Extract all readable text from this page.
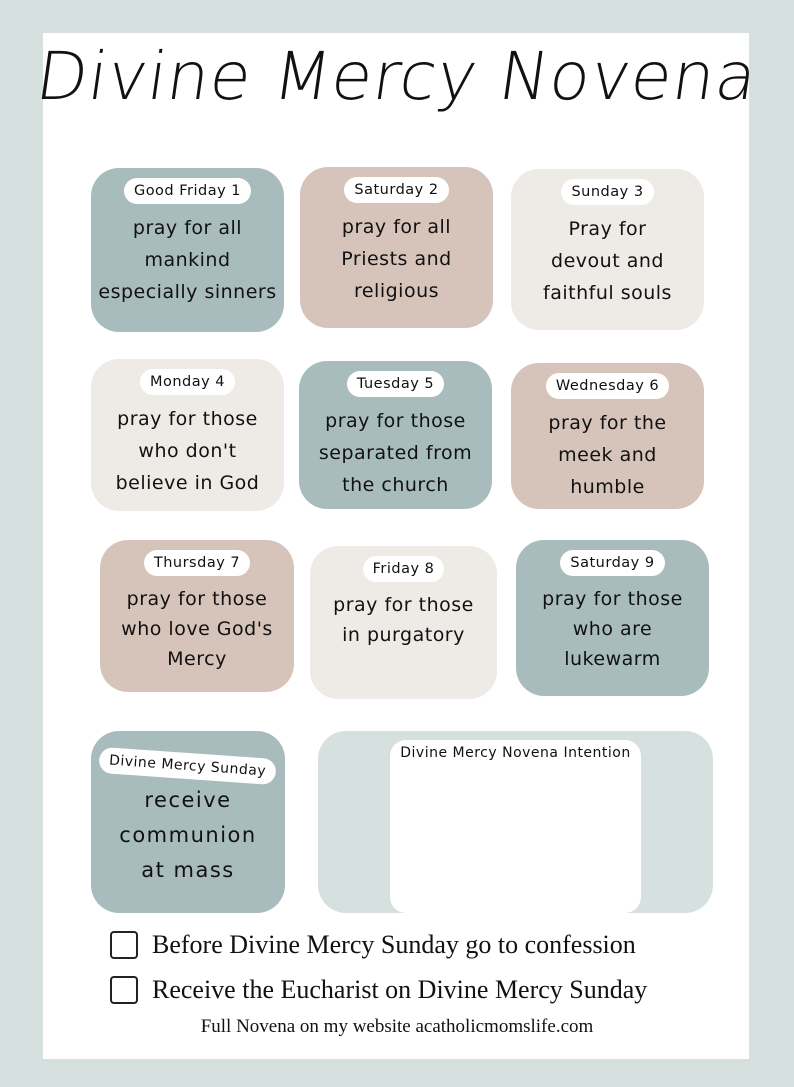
Divine Mercy Novena
Good Friday 1
pray for all
mankind
especially sinners
Saturday 2
pray for all
Priests and
religious
Sunday 3
Pray for
devout and
faithful souls
Monday 4
pray for those
who don't
believe in God
Tuesday 5
pray for those
separated from
the church
Wednesday 6
pray for the
meek and
humble
Thursday 7
pray for those
who love God's
Mercy
Friday 8
pray for those
in purgatory
Saturday 9
pray for those
who are
lukewarm
Divine Mercy Sunday
receive
communion
at mass
Divine Mercy Novena Intention
Before Divine Mercy Sunday go to confession
Receive the Eucharist on Divine Mercy Sunday
Full Novena on my website acatholicmomslife.com
